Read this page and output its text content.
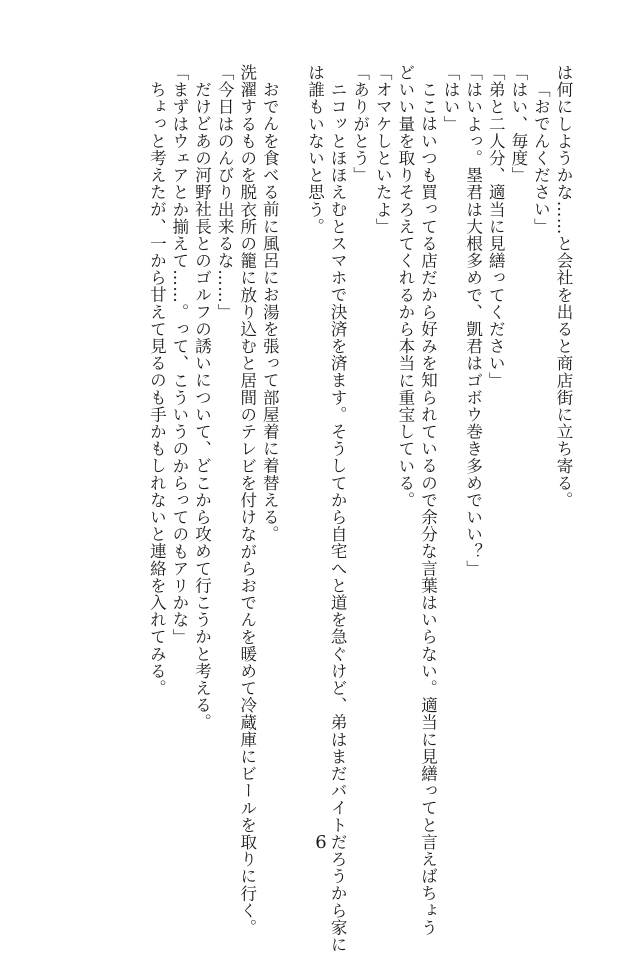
は何にしようかな……と会社を出ると商店街に立ち寄る。
「おでんください」
「はい、毎度」
「弟と二人分、適当に見繕ってください」
「はいよっ。塁君は大根多めで、凱君はゴボウ巻き多めでいい？」
「はい」
ここはいつも買ってる店だから好みを知られているので余分な言葉はいらない。適当に見繕ってと言えばちょう
どいい量を取りそろえてくれるから本当に重宝している。
「オマケしといたよ」
「ありがとう」
ニコッとほほえむとスマホで決済を済ます。そうしてから自宅へと道を急ぐけど、弟はまだバイトだろうから家に
は誰もいないと思う。
おでんを食べる前に風呂にお湯を張って部屋着に着替える。
洗濯するものを脱衣所の籠に放り込むと居間のテレビを付けながらおでんを暖めて冷蔵庫にビールを取りに行く。
「今日はのんびり出来るな……」
だけどあの河野社長とのゴルフの誘いについて、どこから攻めて行こうかと考える。
「まずはウェアとか揃えて……。って、こういうのからってのもアリかな」
ちょっと考えたが、一から甘えて見るのも手かもしれないと連絡を入れてみる。
6
